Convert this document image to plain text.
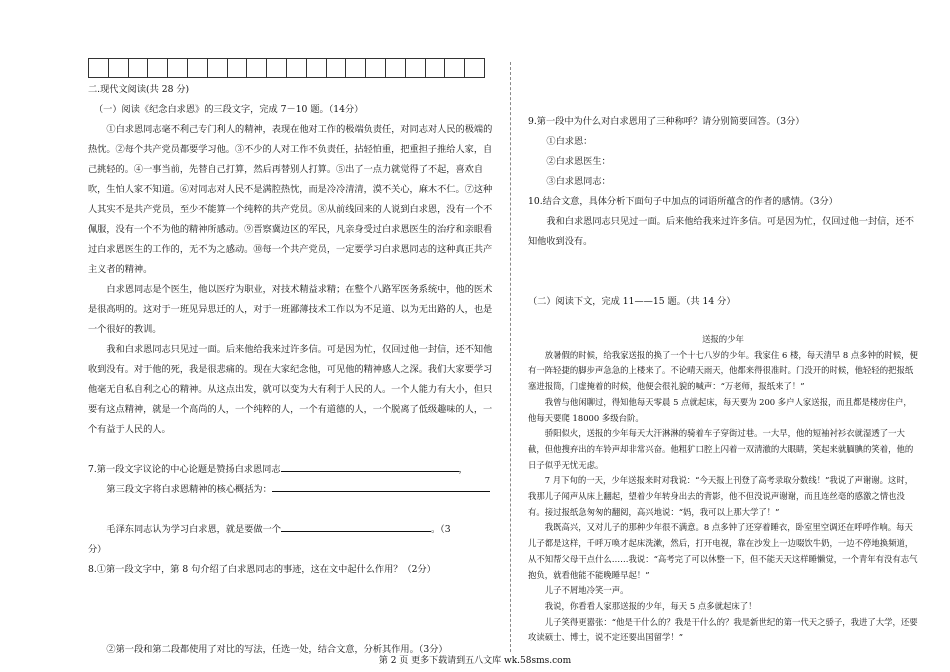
二.现代文阅读(共 28 分)

（一）阅读《纪念白求恩》的三段文字，完成 7－10 题。（14分）

①白求恩同志毫不利己专门利人的精神，表现在他对工作的极端负责任，对同志对人民的极端的热忱。②每个共产党员都要学习他。③不少的人对工作不负责任，拈轻怕重，把重担子推给人家，自己挑轻的。④一事当前，先替自己打算，然后再替别人打算。⑤出了一点力就觉得了不起，喜欢自吹，生怕人家不知道。⑥对同志对人民不是满腔热忱，而是冷冷清清，漠不关心，麻木不仁。⑦这种人其实不是共产党员，至少不能算一个纯粹的共产党员。⑧从前线回来的人说到白求恩，没有一个不佩服，没有一个不为他的精神所感动。⑨晋察冀边区的军民，凡亲身受过白求恩医生的治疗和亲眼看过白求恩医生的工作的，无不为之感动。⑩每一个共产党员，一定要学习白求恩同志的这种真正共产主义者的精神。

白求恩同志是个医生，他以医疗为职业，对技术精益求精；在整个八路军医务系统中，他的医术是很高明的。这对于一班见异思迁的人，对于一班鄙薄技术工作以为不足道、以为无出路的人，也是一个很好的教训。

我和白求恩同志只见过一面。后来他给我来过许多信。可是因为忙，仅回过他一封信，还不知他收到没有。对于他的死，我是很悲痛的。现在大家纪念他，可见他的精神感人之深。我们大家要学习他毫无自私自利之心的精神。从这点出发，就可以变为大有利于人民的人。一个人能力有大小，但只要有这点精神，就是一个高尚的人，一个纯粹的人，一个有道德的人，一个脱离了低级趣味的人，一个有益于人民的人。

7.第一段文字议论的中心论题是赞扬白求恩同志	，

第三段文字将白求恩精神的核心概括为：

毛泽东同志认为学习白求恩，就是要做一个	。（3

分）

8.①第一段文字中，第 8 句介绍了白求恩同志的事迹，这在文中起什么作用？（2分）

②第一段和第二段都使用了对比的写法，任选一处，结合文意，分析其作用。（3分）

9.第一段中为什么对白求恩用了三种称呼？请分别简要回答。（3分）

①白求恩：

②白求恩医生：

③白求恩同志：

10.结合文意，具体分析下面句子中加点的词语所蕴含的作者的感情。（3分）

我和白求恩同志只见过一面。后来他给我来过许多信。可是因为忙，仅回过他一封信，还不知他收到没有。

（二）阅读下文，完成 11——15 题。（共 14 分）

送报的少年

放暑假的时候，给我家送报的换了一个十七八岁的少年。我家住 6 楼，每天清早 8 点多钟的时候，便有一阵轻捷的脚步声急急的上楼来了。不论晴天雨天，他都来得很准时。门没开的时候，他轻轻的把报纸塞进报筒，门虚掩着的时候，他便会很礼貌的喊声：“万老师，报纸来了！”

我曾与他闲聊过，得知他每天零晨 5 点就起床，每天要为 200 多户人家送报，而且都是楼房住户，他每天要爬 18000 多级台阶。

骄阳似火，送报的少年每天大汗淋淋的骑着车子穿街过巷。一大早，他的短袖衬衫衣就湿透了一大截，但他搜弃出的车铃声却非常兴奋。他粗犷口腔上闪着一双清澈的大眼睛，笑起来就腼腆的笑着，他的日子似乎无忧无虑。

7 月下旬的一天，少年送报来时对我说：“今天报上刊登了高考录取分数线！”我说了声谢谢。这时，我那儿子闻声从床上翻起，望着少年转身出去的背影，他不但没说声谢谢，而且连丝毫的感激之情也没有。接过报纸急匆匆的翻阅，高兴地说：“妈，我可以上那大学了！”

我既高兴，又对儿子的那种少年很不满意。8 点多钟了还穿着睡衣，卧室里空调还在呼呼作响。每天儿子都是这样，千呼万唤才起床洗漱，然后，打开电视，靠在沙发上一边啜饮牛奶，一边不停地换频道，从不知帮父母干点什么……我说：“高考完了可以休整一下，但不能天天这样睡懒觉，一个青年有没有志气抱负，就看他能不能晚睡早起！”

儿子不屑地冷笑一声。

我说，你看看人家那送报的少年，每天 5 点多就起床了！

儿子笑得更嚣张：“他是干什么的？我是干什么的？我是新世纪的第一代天之骄子，我进了大学，还要攻读硕士、博士，说不定还要出国留学！”

第 2 页 更多下载请到五八文库 wk.58sms.com
